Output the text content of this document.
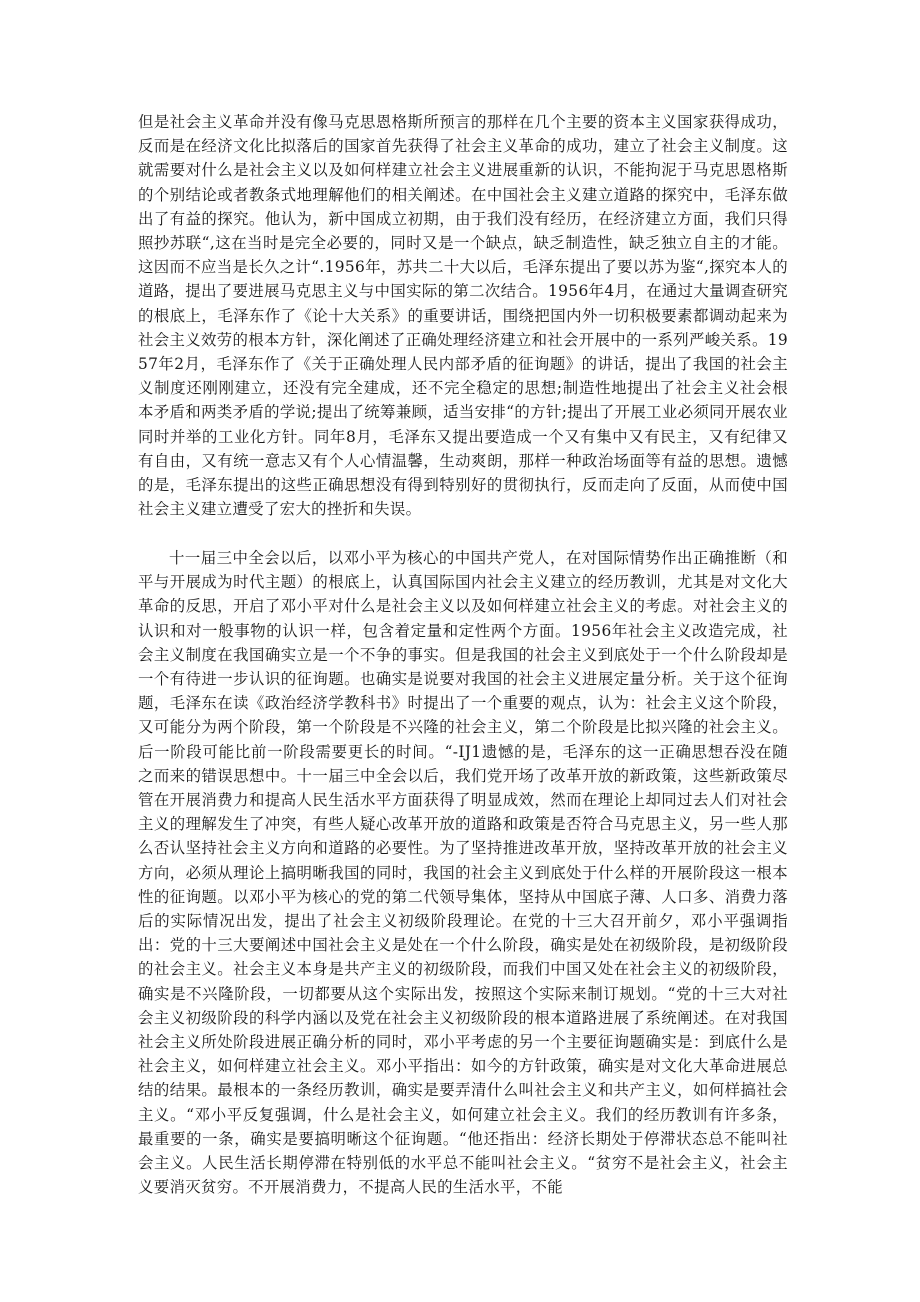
但是社会主义革命并没有像马克思恩格斯所预言的那样在几个主要的资本主义国家获得成功，反而是在经济文化比拟落后的国家首先获得了社会主义革命的成功，建立了社会主义制度。这就需要对什么是社会主义以及如何样建立社会主义进展重新的认识，不能拘泥于马克思恩格斯的个别结论或者教条式地理解他们的相关阐述。在中国社会主义建立道路的探究中，毛泽东做出了有益的探究。他认为，新中国成立初期，由于我们没有经历，在经济建立方面，我们只得照抄苏联“,这在当时是完全必要的，同时又是一个缺点，缺乏制造性，缺乏独立自主的才能。这因而不应当是长久之计“.1956年，苏共二十大以后，毛泽东提出了要以苏为鉴“,探究本人的道路，提出了要进展马克思主义与中国实际的第二次结合。1956年4月，在通过大量调查研究的根底上，毛泽东作了《论十大关系》的重要讲话，围绕把国内外一切积极要素都调动起来为社会主义效劳的根本方针，深化阐述了正确处理经济建立和社会开展中的一系列严峻关系。1957年2月，毛泽东作了《关于正确处理人民内部矛盾的征询题》的讲话，提出了我国的社会主义制度还刚刚建立，还没有完全建成，还不完全稳定的思想;制造性地提出了社会主义社会根本矛盾和两类矛盾的学说;提出了统筹兼顾，适当安排“的方针;提出了开展工业必须同开展农业同时并举的工业化方针。同年8月，毛泽东又提出要造成一个又有集中又有民主，又有纪律又有自由，又有统一意志又有个人心情温馨，生动爽朗，那样一种政治场面等有益的思想。遗憾的是，毛泽东提出的这些正确思想没有得到特别好的贯彻执行，反而走向了反面，从而使中国社会主义建立遭受了宏大的挫折和失误。
十一届三中全会以后，以邓小平为核心的中国共产党人，在对国际情势作出正确推断（和平与开展成为时代主题）的根底上，认真国际国内社会主义建立的经历教训，尤其是对文化大革命的反思，开启了邓小平对什么是社会主义以及如何样建立社会主义的考虑。对社会主义的认识和对一般事物的认识一样，包含着定量和定性两个方面。1956年社会主义改造完成，社会主义制度在我国确实立是一个不争的事实。但是我国的社会主义到底处于一个什么阶段却是一个有待进一步认识的征询题。也确实是说要对我国的社会主义进展定量分析。关于这个征询题，毛泽东在读《政治经济学教科书》时提出了一个重要的观点，认为：社会主义这个阶段，又可能分为两个阶段，第一个阶段是不兴隆的社会主义，第二个阶段是比拟兴隆的社会主义。后一阶段可能比前一阶段需要更长的时间。“-IJ1遗憾的是，毛泽东的这一正确思想吞没在随之而来的错误思想中。十一届三中全会以后，我们党开场了改革开放的新政策，这些新政策尽管在开展消费力和提高人民生活水平方面获得了明显成效，然而在理论上却同过去人们对社会主义的理解发生了冲突，有些人疑心改革开放的道路和政策是否符合马克思主义，另一些人那么否认坚持社会主义方向和道路的必要性。为了坚持推进改革开放，坚持改革开放的社会主义方向，必须从理论上搞明晰我国的同时，我国的社会主义到底处于什么样的开展阶段这一根本性的征询题。以邓小平为核心的党的第二代领导集体，坚持从中国底子薄、人口多、消费力落后的实际情况出发，提出了社会主义初级阶段理论。在党的十三大召开前夕，邓小平强调指出：党的十三大要阐述中国社会主义是处在一个什么阶段，确实是处在初级阶段，是初级阶段的社会主义。社会主义本身是共产主义的初级阶段，而我们中国又处在社会主义的初级阶段，确实是不兴隆阶段，一切都要从这个实际出发，按照这个实际来制订规划。“党的十三大对社会主义初级阶段的科学内涵以及党在社会主义初级阶段的根本道路进展了系统阐述。在对我国社会主义所处阶段进展正确分析的同时，邓小平考虑的另一个主要征询题确实是：到底什么是社会主义，如何样建立社会主义。邓小平指出：如今的方针政策，确实是对文化大革命进展总结的结果。最根本的一条经历教训，确实是要弄清什么叫社会主义和共产主义，如何样搞社会主义。“邓小平反复强调，什么是社会主义，如何建立社会主义。我们的经历教训有许多条，最重要的一条，确实是要搞明晰这个征询题。“他还指出：经济长期处于停滞状态总不能叫社会主义。人民生活长期停滞在特别低的水平总不能叫社会主义。“贫穷不是社会主义，社会主义要消灭贫穷。不开展消费力，不提高人民的生活水平，不能
